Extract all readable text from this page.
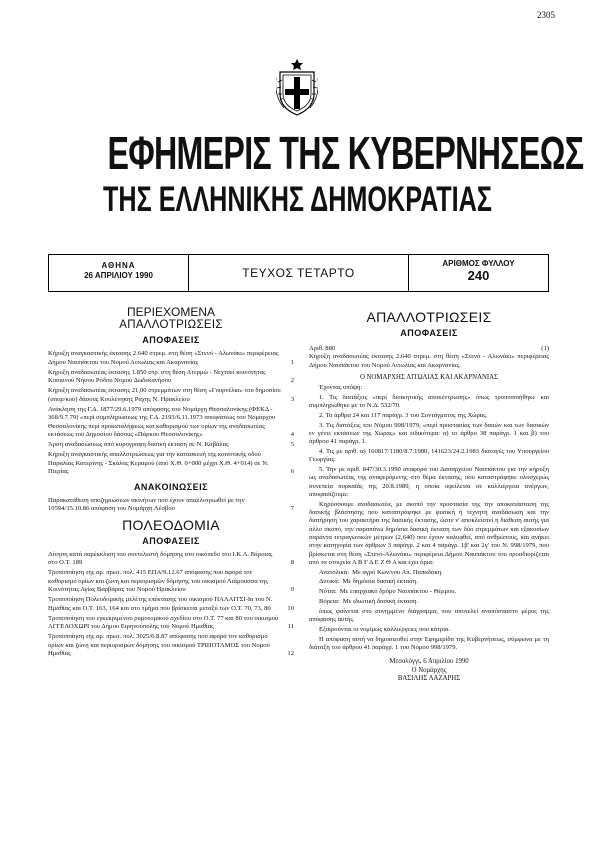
2305
ΕΦΗΜΕΡΙΣ ΤΗΣ ΚΥΒΕΡΝΗΣΕΩΣ
ΤΗΣ ΕΛΛΗΝΙΚΗΣ ΔΗΜΟΚΡΑΤΙΑΣ
ΑΘΗΝΑ
26 ΑΠΡΙΛΙΟΥ 1990	ΤΕΥΧΟΣ ΤΕΤΑΡΤΟ
ΑΡΙΘΜΟΣ ΦΥΛΛΟΥ
240

ΠΕΡΙΕΧΟΜΕΝΑ

ΑΠΑΛΛΟΤΡΙΩΣΕΙΣ

ΑΠΟΦΑΣΕΙΣ

Κήρυξη αναγκαστικής έκτασης 2.640 στρεμ. στη θέση «Στενό - Αλωνάκι» περιφέρειας Δήμου Ναυπάκτου του Νομού Αιτωλίας και Ακαρνανίας	1
Κήρυξη αναδασωτέας έκτασης 1.850 στρ. στη θέση Ατερμώ - Νεχτσεί κοινότητας Κοσκινού Νήσου Ρόδου Νομού Δωδεκανήσου	2
Κήρυξη αναδασωτέας έκτασης 21,00 στρεμμάτων στη θέση «Γουρνέλια» του δημοσίου (σπορ/κού) δάσους Κουλένηκης Ράχης Ν. Ηρακλείου	3
Ανάκληση της Γ.Δ. 1877/29.6.1979 απόφασης του Νομάρχη Θεσσαλονίκης (ΦΕΚΔ - 368/9.7.79) «περί συμπληρώσεως της Γ.Δ. 2193/6.11.1973 αποφάσεως του Νομάρχου Θεσσαλονίκης περί προκαταλήψεως και καθορισμού των ορίων της αναδασωτέας εκτάσεως του Δημοσίου δάσους «Πάρκου Θεσσαλονίκης»	4
Άρση αναδασώσεως από κυρογραφη δασική έκταση σε Ν. Καβάλας	5
Κήρυξη αναγκαστικής απαλλοτριώσεως για την κατασκευή της κοινοτικής οδού Παραλίας Κατερίνης - Σκάλας Κεραμού (από Χ.Θ. 0+000 μέχρι Χ.Θ. 4+014) σε Ν. Πιερίας	6

ΑΝΑΚΟΙΝΩΣΕΙΣ

Παρακατάθεση αποζημιώσεων ακινήτων που έχουν απαλλοτριωθεί με την 10594/15.10.86 απόφαση του Νομάρχη Λέσβου	7

ΠΟΛΕΟΔΟΜΙΑ

ΑΠΟΦΑΣΕΙΣ

Αίτηση κατά παρέκκλιση του συντελεστή δόμησης στο οικόπεδο του Ι.Κ.Α. Βέροιας στο Ο.Τ. 189	8
Τροποποίηση της αρ. πρωτ. πολ. 415 ΕΠΑ/9.12.67 απόφασης που αφορά τον καθορισμό ορίων και ζώνη και περιορισμών δόμησης του οικισμού Λιάμουσσα της Κοινότητας Αγίας Βαρβάρας του Νομού Ηρακλείου	9
Τροποποίηση Πολεοδομικής μελέτης επέκτασης του οικισμού ΠΑΛΑΙΤΣΙ-Ια του Ν. Ημαθίας και Ο.Τ. 163, 164 και στο τμήμα που βρίσκεται μεταξύ των Ο.Τ. 70, 73, 80	10
Τροποποίηση του εγκεκριμένου ρυμοτομικού σχεδίου στο Ο.Τ. 77 και 80 του οικισμού ΑΓΓΕΛΟΧΩΡΙ του Δήμου Ειρηνούπολης του Νομού Ημαθίας	11
Τροποποίηση της αρ. πρωτ. πολ. 3025/6.8.87 απόφασης που αφορά τον καθορισμό ορίων και ζώνη και περιορισμών δόμησης του οικισμού ΤΡΙΠΟΤΑΜΟΣ του Νομού Ημαθίας	12

ΑΠΑΛΛΟΤΡΙΩΣΕΙΣ

ΑΠΟΦΑΣΕΙΣ

Αριθ. 880	(1)

Κήρυξη αναδασωτέας έκτασης 2.640 στρεμ. στη θέση «Στενό - Αλωνάκι» περιφέρειας Δήμου Ναυπάκτου του Νομού Αιτωλίας και Ακαρνανίας.

Ο ΝΟΜΑΡΧΗΣ ΑΙΤΩΛΙΑΣ ΚΑΙ ΑΚΑΡΝΑΝΙΑΣ

Έχοντας υπόψη:

1. Τις διατάξεις «περί διοικητικής αποκέντρωσης» όπως τροποποιήθηκε και συμπληρώθηκε με το Ν.Δ. 532/70.

2. Τα άρθρα 24 και 117 παράγρ. 3 του Συντάγματος της Χώρας.

3. Τις διατάξεις του Νόμου 998/1979, «περί προστασίας των δασών και των δασικών εν γένει εκτάσεων της Χώρας» και ειδικότερα: α) το άρθρο 38 παράγρ. 1 και β) του άρθρου 41 παράγρ. 1.

4. Τις με αριθ. α) 160817/1180/8.7.1980, 141623/24.2.1983 διαταγές του Υπουργείου Γεωργίας.

5. Την με αριθ. 847/30.3.1990 αναφορά του Δασαρχείου Ναυπάκτου για την κήρυξη ως αναδασωτέας της αναφερόμενης στο θέμα έκτασης, που καταστράφηκε ολοσχερώς συνεπεία πυρκαϊάς της 20.8.1989, η οποία οφείλεται σε καλλιέργεια ανέργων, αποφασίζουμε:

Κηρύσσουμε αναδασωτέα, με σκοπό την προστασία της την αποκατάσταση της δασικής βλάστησης που καταστράφηκε με φυσική ή τεχνητή αναδάσωση και την διατήρηση του χαρακτήρα της δασικής έκτασης, ώστε ν' αποκλειστεί η διάθεση αυτής για άλλο σκοπό, την παραπάνω δημόσια δασική έκταση των δύο στρεμμάτων και εξακοσίων σαράντα τετραγωνικών μέτρων (2,640) που έχουν καλυφθεί, από ανθρώπους, και ανήκει στην κατηγορία των άρθρων 3 παράγρ. 2 και 4 παράγρ. 1β' και 2γ' του Ν. 998/1979, που βρίσκεται στη θέση «Στενό-Αλωνάκι» περιφέρεια Δήμου Ναυπάκτου του προσδιορίζεται από τα στοιχεία Α Β Γ Δ Ε Ζ Θ Α και έχει όρια:

Ανατολικά: Με αγρό Κων/νου Απ. Παπαδάκη.

Δυτικά: Με δημόσια δασική έκταση.

Νότια: Με επαρχιακό δρόμο Ναυπάκτου - Θέρμου.

Βόρεια: Με ιδιωτική δασική έκταση.

όπως φαίνεται στο συνημμένο διάγραμμα, που αποτελεί αναπόσπαστο μέρος της απόφασης αυτής.

Εξαιρούνται οι νομίμως καλλιέργειες που κάτρια.

Η απόφαση αυτή να δημοσιευθεί στην Εφημερίδα της Κυβερνήσεως, σύμφωνα με τη διάταξη του άρθρου 41 παράγρ. 1 του Νόμου 998/1979.

Μεσολόγγι, 6 Απριλίου 1990
Ο Νομάρχης
ΒΑΣΙΛΗΣ ΛΑΖΑΡΗΣ
